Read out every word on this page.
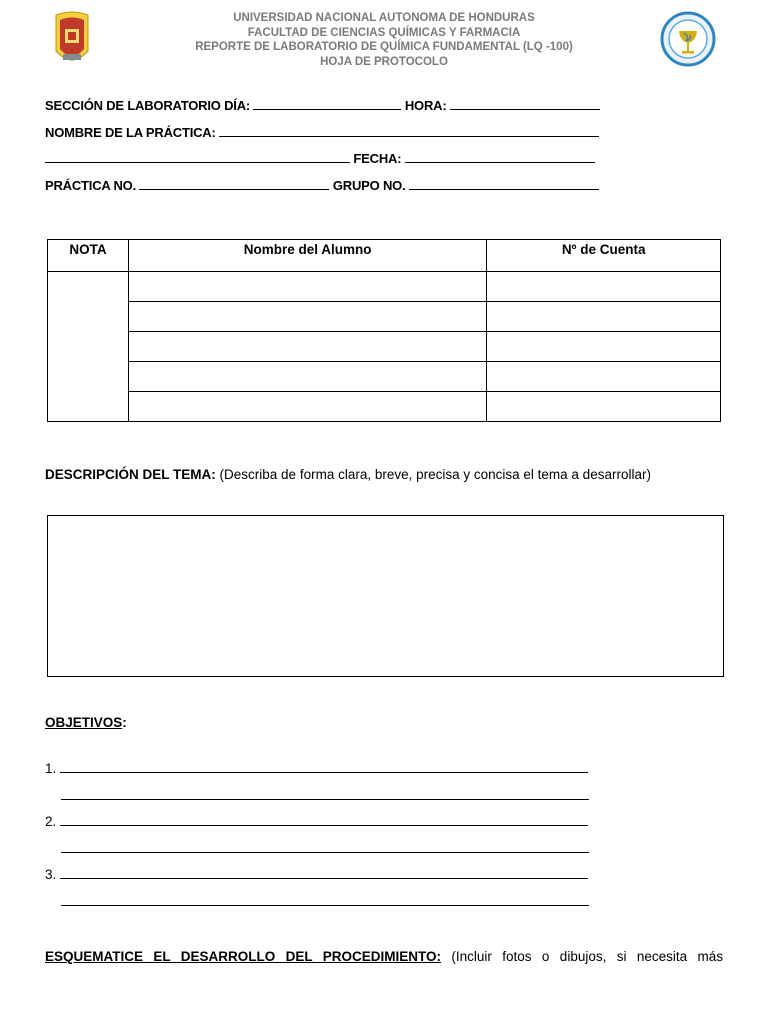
UNIVERSIDAD NACIONAL AUTONOMA DE HONDURAS
FACULTAD DE CIENCIAS QUÍMICAS Y FARMACIA
REPORTE DE LABORATORIO DE QUÍMICA FUNDAMENTAL (LQ -100)
HOJA DE PROTOCOLO
SECCIÓN DE LABORATORIO DÍA:	HORA:
NOMBRE DE LA PRÁCTICA:
FECHA:
PRÁCTICA NO.	GRUPO NO.
NOTA	Nombre del Alumno	Nº de Cuenta

DESCRIPCIÓN DEL TEMA: (Describa de forma clara, breve, precisa y concisa el tema a desarrollar)
OBJETIVOS:
1.
2.
3.
ESQUEMATICE EL DESARROLLO DEL PROCEDIMIENTO: (Incluir fotos o dibujos, si necesita más
